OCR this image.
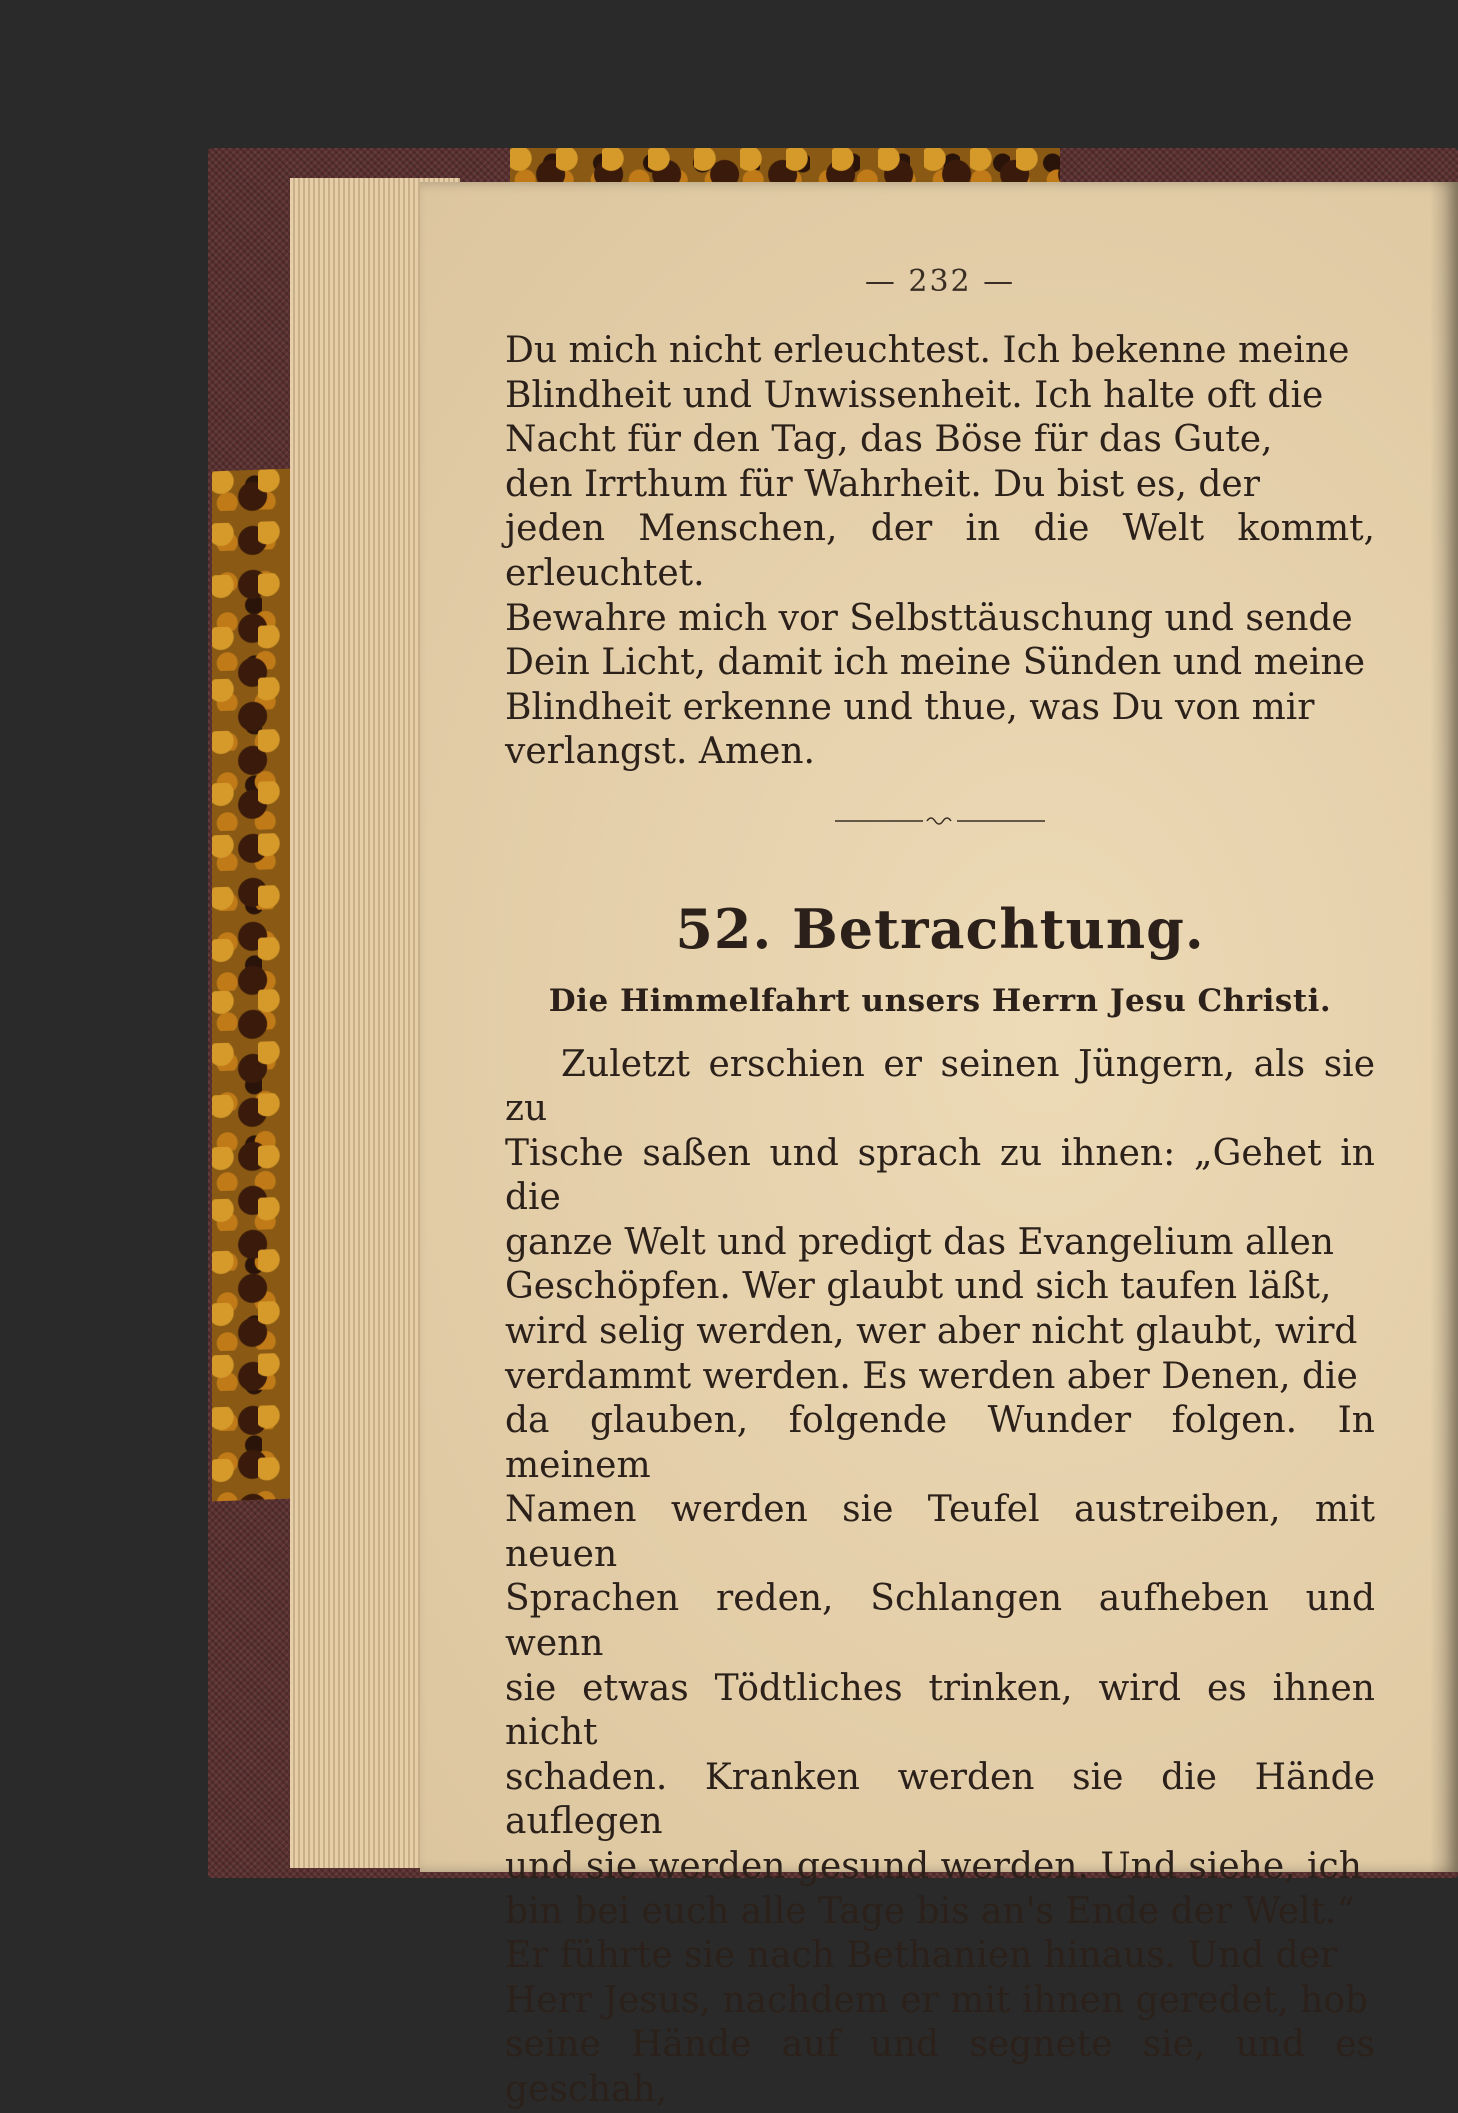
— 232 —

Du mich nicht erleuchtest. Ich bekenne meine

Blindheit und Unwissenheit. Ich halte oft die

Nacht für den Tag, das Böse für das Gute,

den Irrthum für Wahrheit. Du bist es, der

jeden Menschen, der in die Welt kommt, erleuchtet.

Bewahre mich vor Selbsttäuschung und sende

Dein Licht, damit ich meine Sünden und meine

Blindheit erkenne und thue, was Du von mir

verlangst. Amen.

52. Betrachtung.
Die Himmelfahrt unsers Herrn Jesu Christi.

Zuletzt erschien er seinen Jüngern, als sie zu

Tische saßen und sprach zu ihnen: „Gehet in die

ganze Welt und predigt das Evangelium allen

Geschöpfen. Wer glaubt und sich taufen läßt,

wird selig werden, wer aber nicht glaubt, wird

verdammt werden. Es werden aber Denen, die

da glauben, folgende Wunder folgen. In meinem

Namen werden sie Teufel austreiben, mit neuen

Sprachen reden, Schlangen aufheben und wenn

sie etwas Tödtliches trinken, wird es ihnen nicht

schaden. Kranken werden sie die Hände auflegen

und sie werden gesund werden. Und siehe, ich

bin bei euch alle Tage bis an's Ende der Welt.“

Er führte sie nach Bethanien hinaus. Und der

Herr Jesus, nachdem er mit ihnen geredet, hob

seine Hände auf und segnete sie, und es geschah,
